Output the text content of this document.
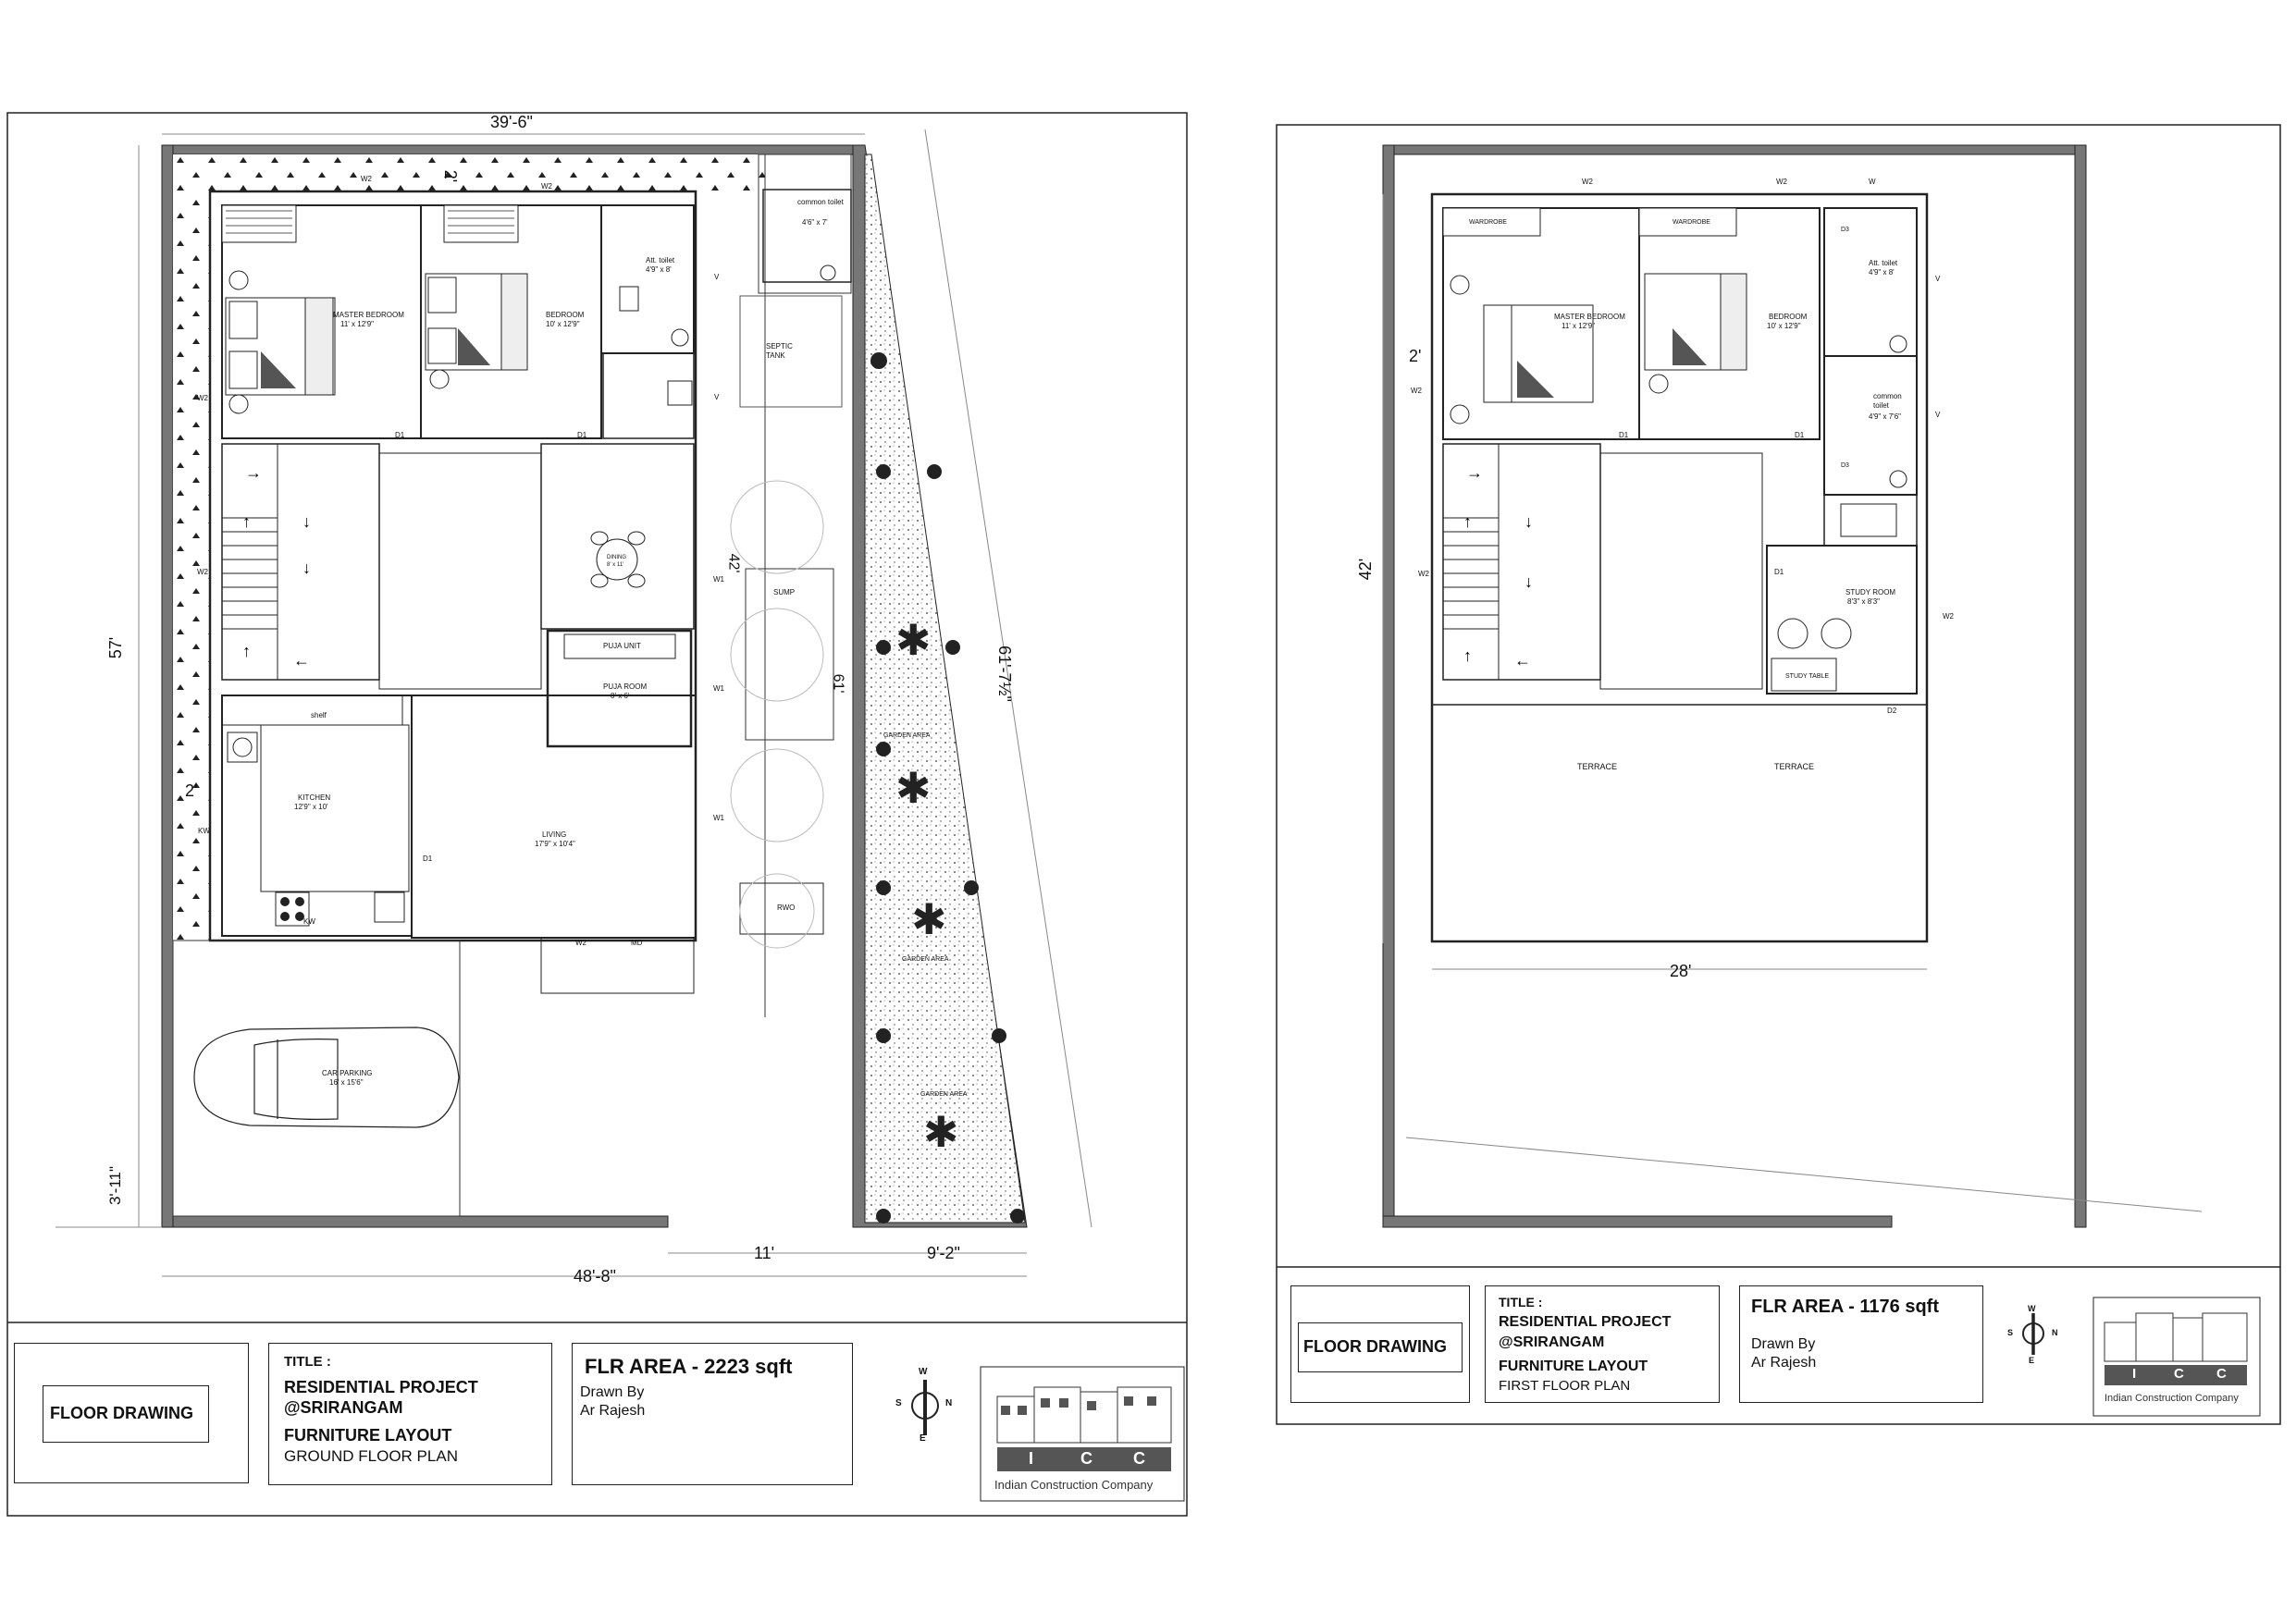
→
↑	↓
↓
↑	←	✱
✱
✱
✱
→
↑	↓
↓
↑	←
39'-6"
57'
2'
2'
3'-11"
48'-8"
11'	9'-2"
61'-7½"
42'
61'
MASTER BEDROOM
11' x 12'9"
BEDROOM
10' x 12'9"
Att. toilet
4'9" x 8'
common toilet
4'6" x 7'
SEPTIC TANK
SUMP
DINING
8' x 11'
PUJA UNIT
PUJA ROOM
8' x 6'
shelf
KITCHEN
12'9" x 10'
LIVING
17'9" x 10'4"
CAR PARKING
16' x 15'6"
GARDEN AREA
GARDEN AREA
GARDEN AREA
RWO
W2
W2
W2
W2
W2
W1
W1
W1
D1	D1
D1
V
V
KW
KW
MD
FLOOR DRAWING
TITLE :
RESIDENTIAL PROJECT
@SRIRANGAM
FURNITURE LAYOUT
GROUND FLOOR PLAN
FLR AREA - 2223 sqft
Drawn By
Ar Rajesh
W
N
S
E
I	C C
Indian Construction Company
42'
2'
28'
WARDROBE	WARDROBE
MASTER BEDROOM
11' x 12'9"
BEDROOM
10' x 12'9"
Att. toilet
4'9" x 8'
common toilet
4'9" x 7'6"
STUDY ROOM
8'3" x 8'3"
STUDY TABLE
TERRACE	TERRACE
W2	W2	W
W2
W2
W2
D1	D1
D1
D2
D3
D3
V
V
FLOOR DRAWING
TITLE :
RESIDENTIAL PROJECT
@SRIRANGAM
FURNITURE LAYOUT
FIRST FLOOR PLAN
FLR AREA - 1176 sqft
Drawn By
Ar Rajesh
W
N
S
E
I	C C
Indian Construction Company
